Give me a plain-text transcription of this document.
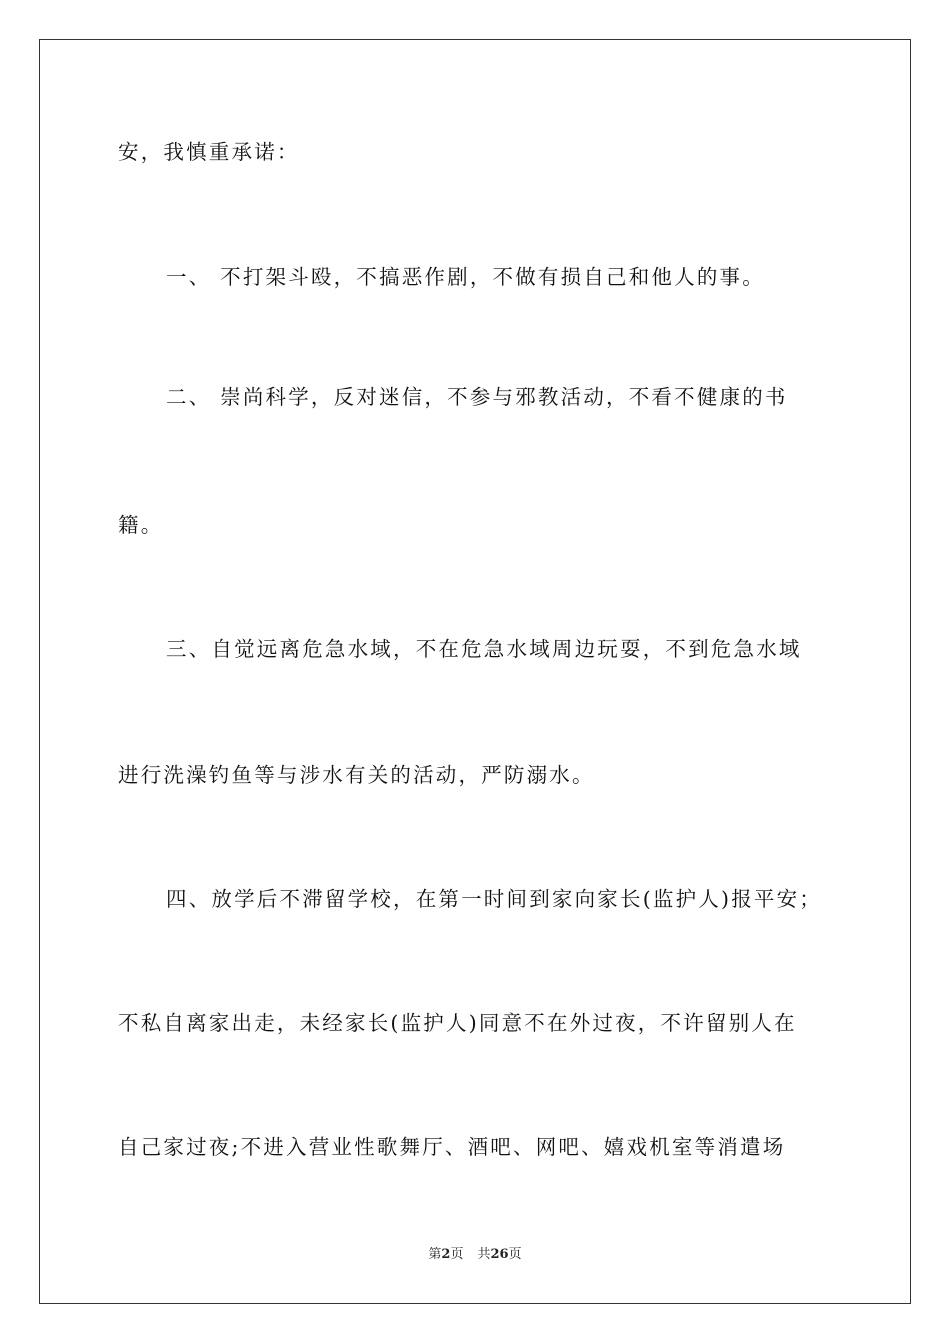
安，我慎重承诺：
一、 不打架斗殴，不搞恶作剧，不做有损自己和他人的事。
二、 崇尚科学，反对迷信，不参与邪教活动，不看不健康的书
籍。
三、自觉远离危急水域，不在危急水域周边玩耍，不到危急水域
进行洗澡钓鱼等与涉水有关的活动，严防溺水。
四、放学后不滞留学校，在第一时间到家向家长(监护人)报平安；
不私自离家出走，未经家长(监护人)同意不在外过夜，不许留别人在
自己家过夜;不进入营业性歌舞厅、酒吧、网吧、嬉戏机室等消遣场
第2页 共26页
